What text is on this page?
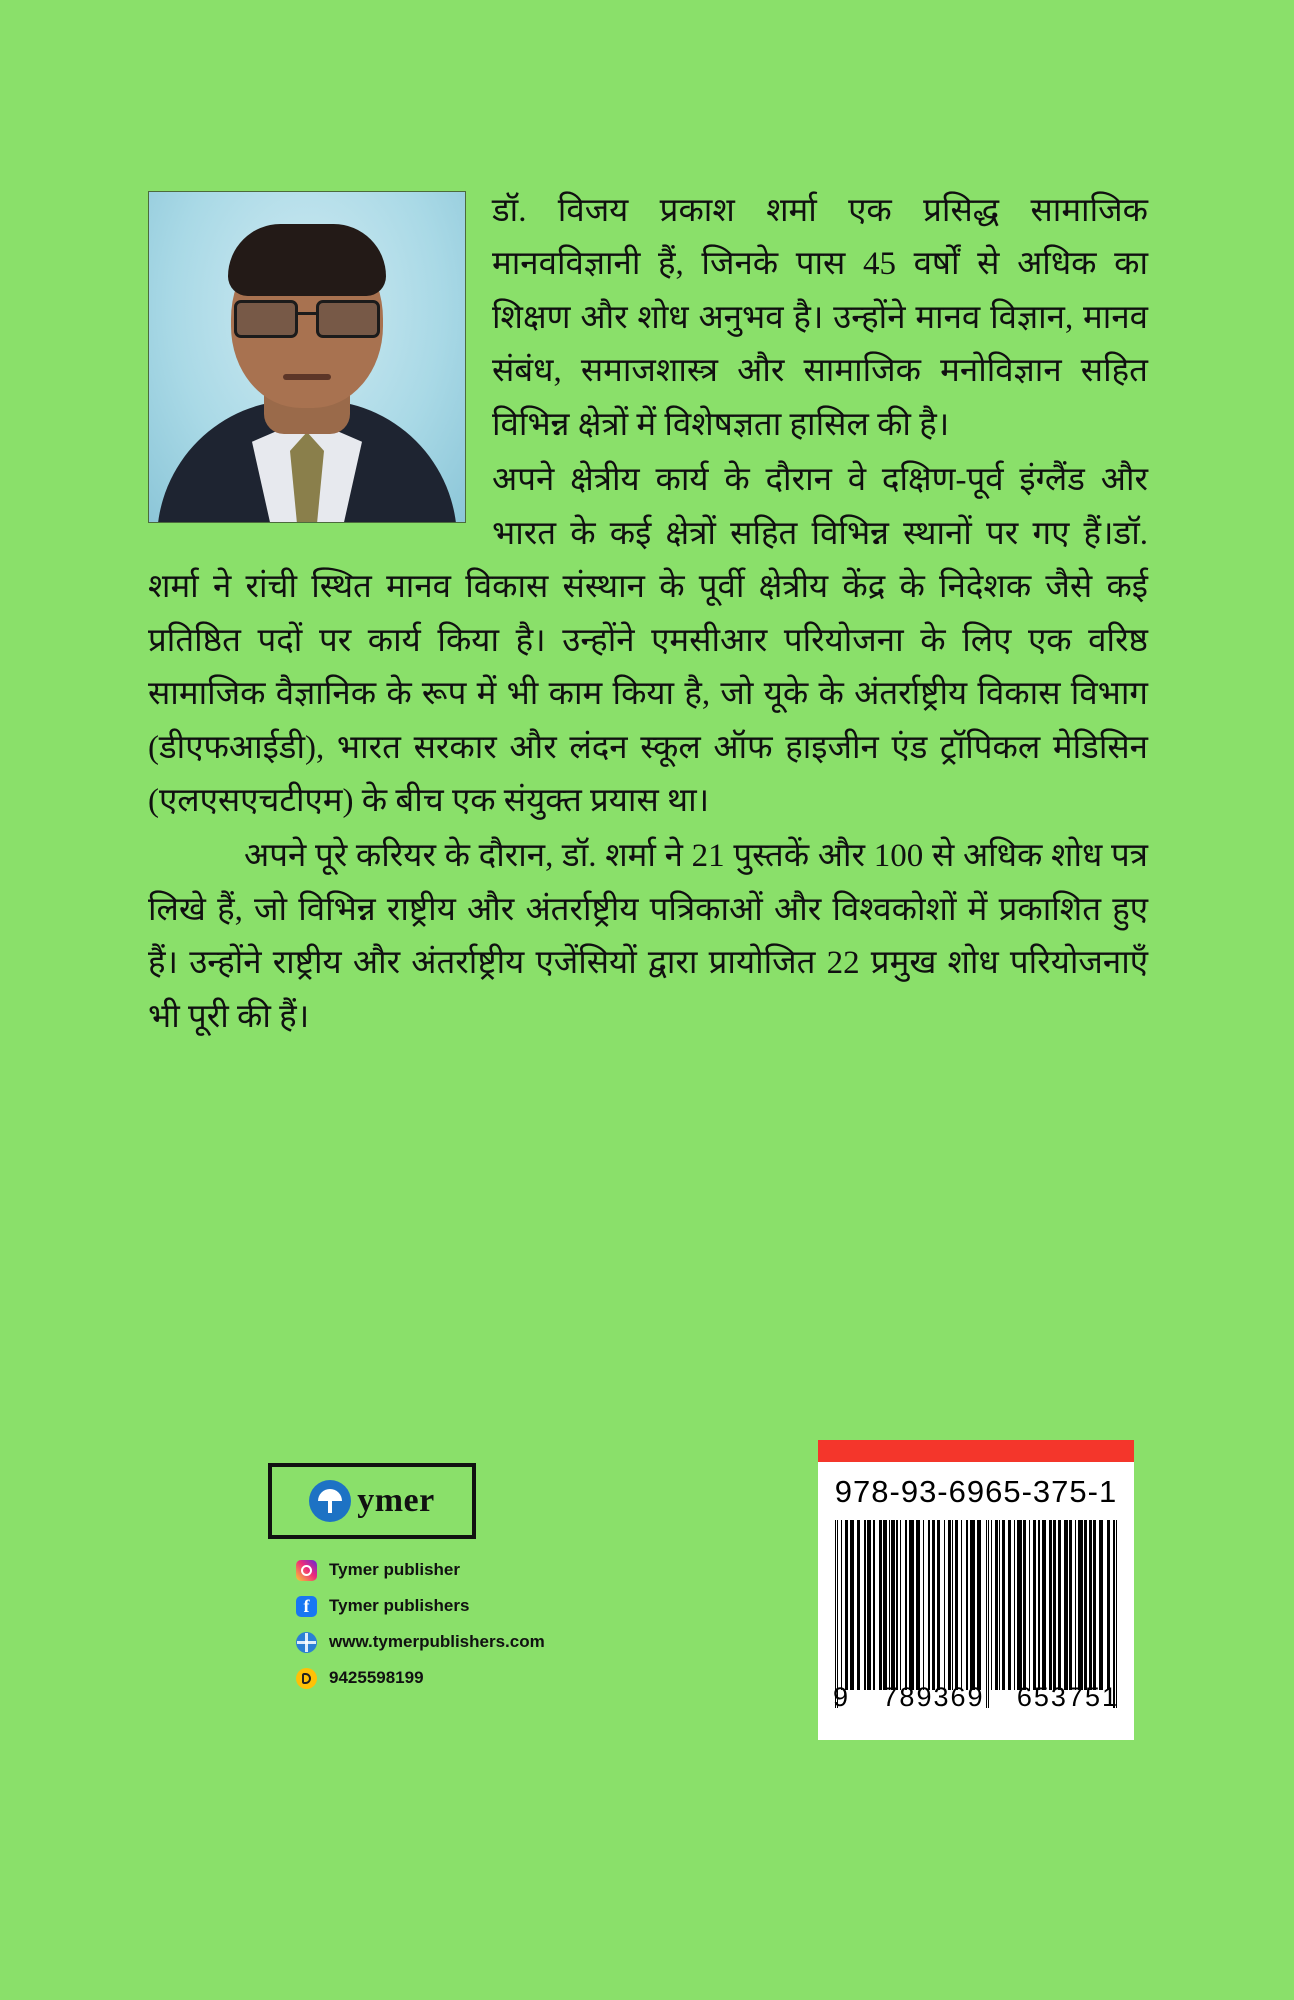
डॉ. विजय प्रकाश शर्मा एक प्रसिद्ध सामाजिक मानवविज्ञानी हैं, जिनके पास 45 वर्षों से अधिक का शिक्षण और शोध अनुभव है। उन्होंने मानव विज्ञान, मानव संबंध, समाजशास्त्र और सामाजिक मनोविज्ञान सहित विभिन्न क्षेत्रों में विशेषज्ञता हासिल की है।

अपने क्षेत्रीय कार्य के दौरान वे दक्षिण-पूर्व इंग्लैंड और भारत के कई क्षेत्रों सहित विभिन्न स्थानों पर गए हैं।डॉ. शर्मा ने रांची स्थित मानव विकास संस्थान के पूर्वी क्षेत्रीय केंद्र के निदेशक जैसे कई प्रतिष्ठित पदों पर कार्य किया है। उन्होंने एमसीआर परियोजना के लिए एक वरिष्ठ सामाजिक वैज्ञानिक के रूप में भी काम किया है, जो यूके के अंतर्राष्ट्रीय विकास विभाग (डीएफआईडी), भारत सरकार और लंदन स्कूल ऑफ हाइजीन एंड ट्रॉपिकल मेडिसिन (एलएसएचटीएम) के बीच एक संयुक्त प्रयास था।

अपने पूरे करियर के दौरान, डॉ. शर्मा ने 21 पुस्तकें और 100 से अधिक शोध पत्र लिखे हैं, जो विभिन्न राष्ट्रीय और अंतर्राष्ट्रीय पत्रिकाओं और विश्वकोशों में प्रकाशित हुए हैं। उन्होंने राष्ट्रीय और अंतर्राष्ट्रीय एजेंसियों द्वारा प्रायोजित 22 प्रमुख शोध परियोजनाएँ भी पूरी की हैं।

ymer
Tymer publisher
f	Tymer publishers
www.tymerpublishers.com
9425598199
978-93-6965-375-1
9 789369 653751
